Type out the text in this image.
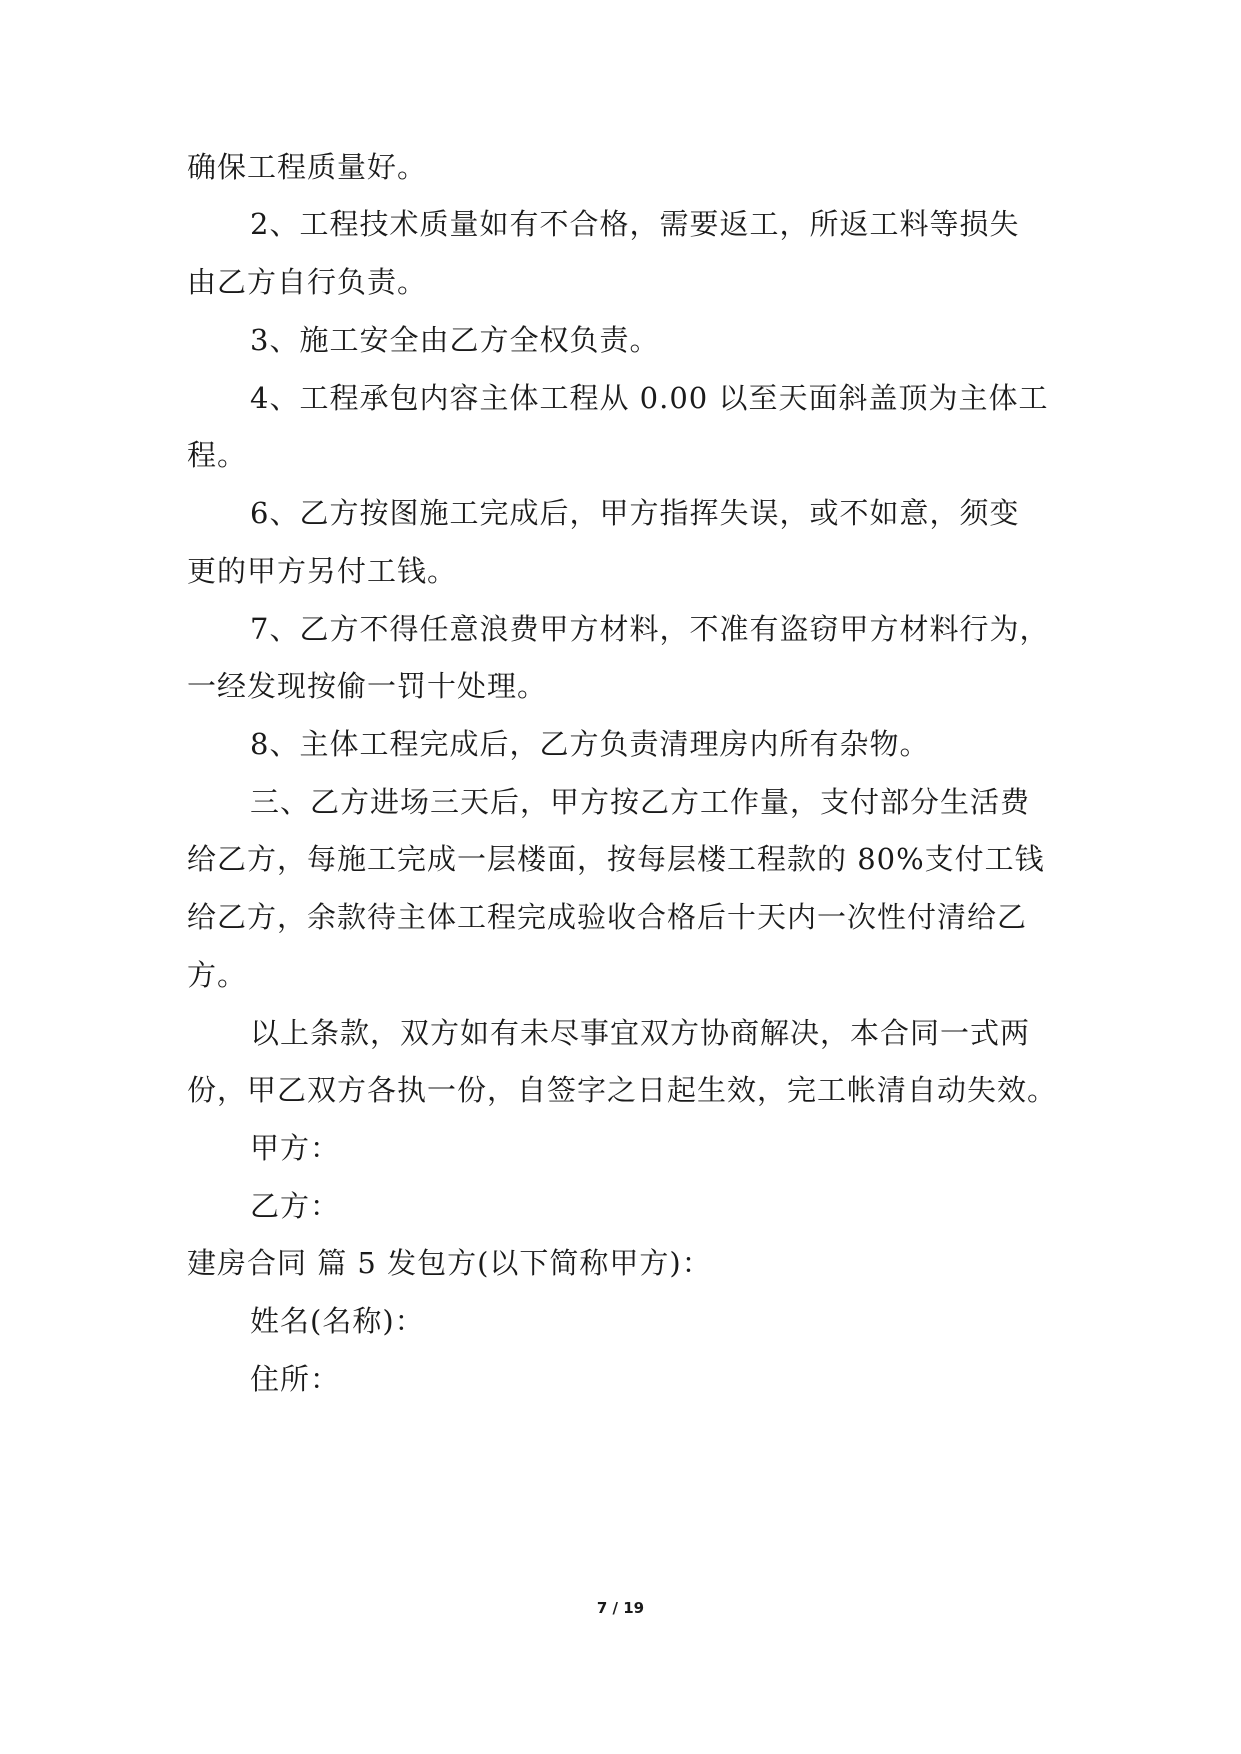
确保工程质量好。
2、工程技术质量如有不合格，需要返工，所返工料等损失
由乙方自行负责。
3、施工安全由乙方全权负责。
4、工程承包内容主体工程从 0.00 以至天面斜盖顶为主体工
程。
6、乙方按图施工完成后，甲方指挥失误，或不如意，须变
更的甲方另付工钱。
7、乙方不得任意浪费甲方材料，不准有盗窃甲方材料行为，
一经发现按偷一罚十处理。
8、主体工程完成后，乙方负责清理房内所有杂物。
三、乙方进场三天后，甲方按乙方工作量，支付部分生活费
给乙方，每施工完成一层楼面，按每层楼工程款的 80%支付工钱
给乙方，余款待主体工程完成验收合格后十天内一次性付清给乙
方。
以上条款，双方如有未尽事宜双方协商解决，本合同一式两
份，甲乙双方各执一份，自签字之日起生效，完工帐清自动失效。
甲方：
乙方：
建房合同 篇 5 发包方(以下简称甲方)：
姓名(名称)：
住所：
7 / 19
